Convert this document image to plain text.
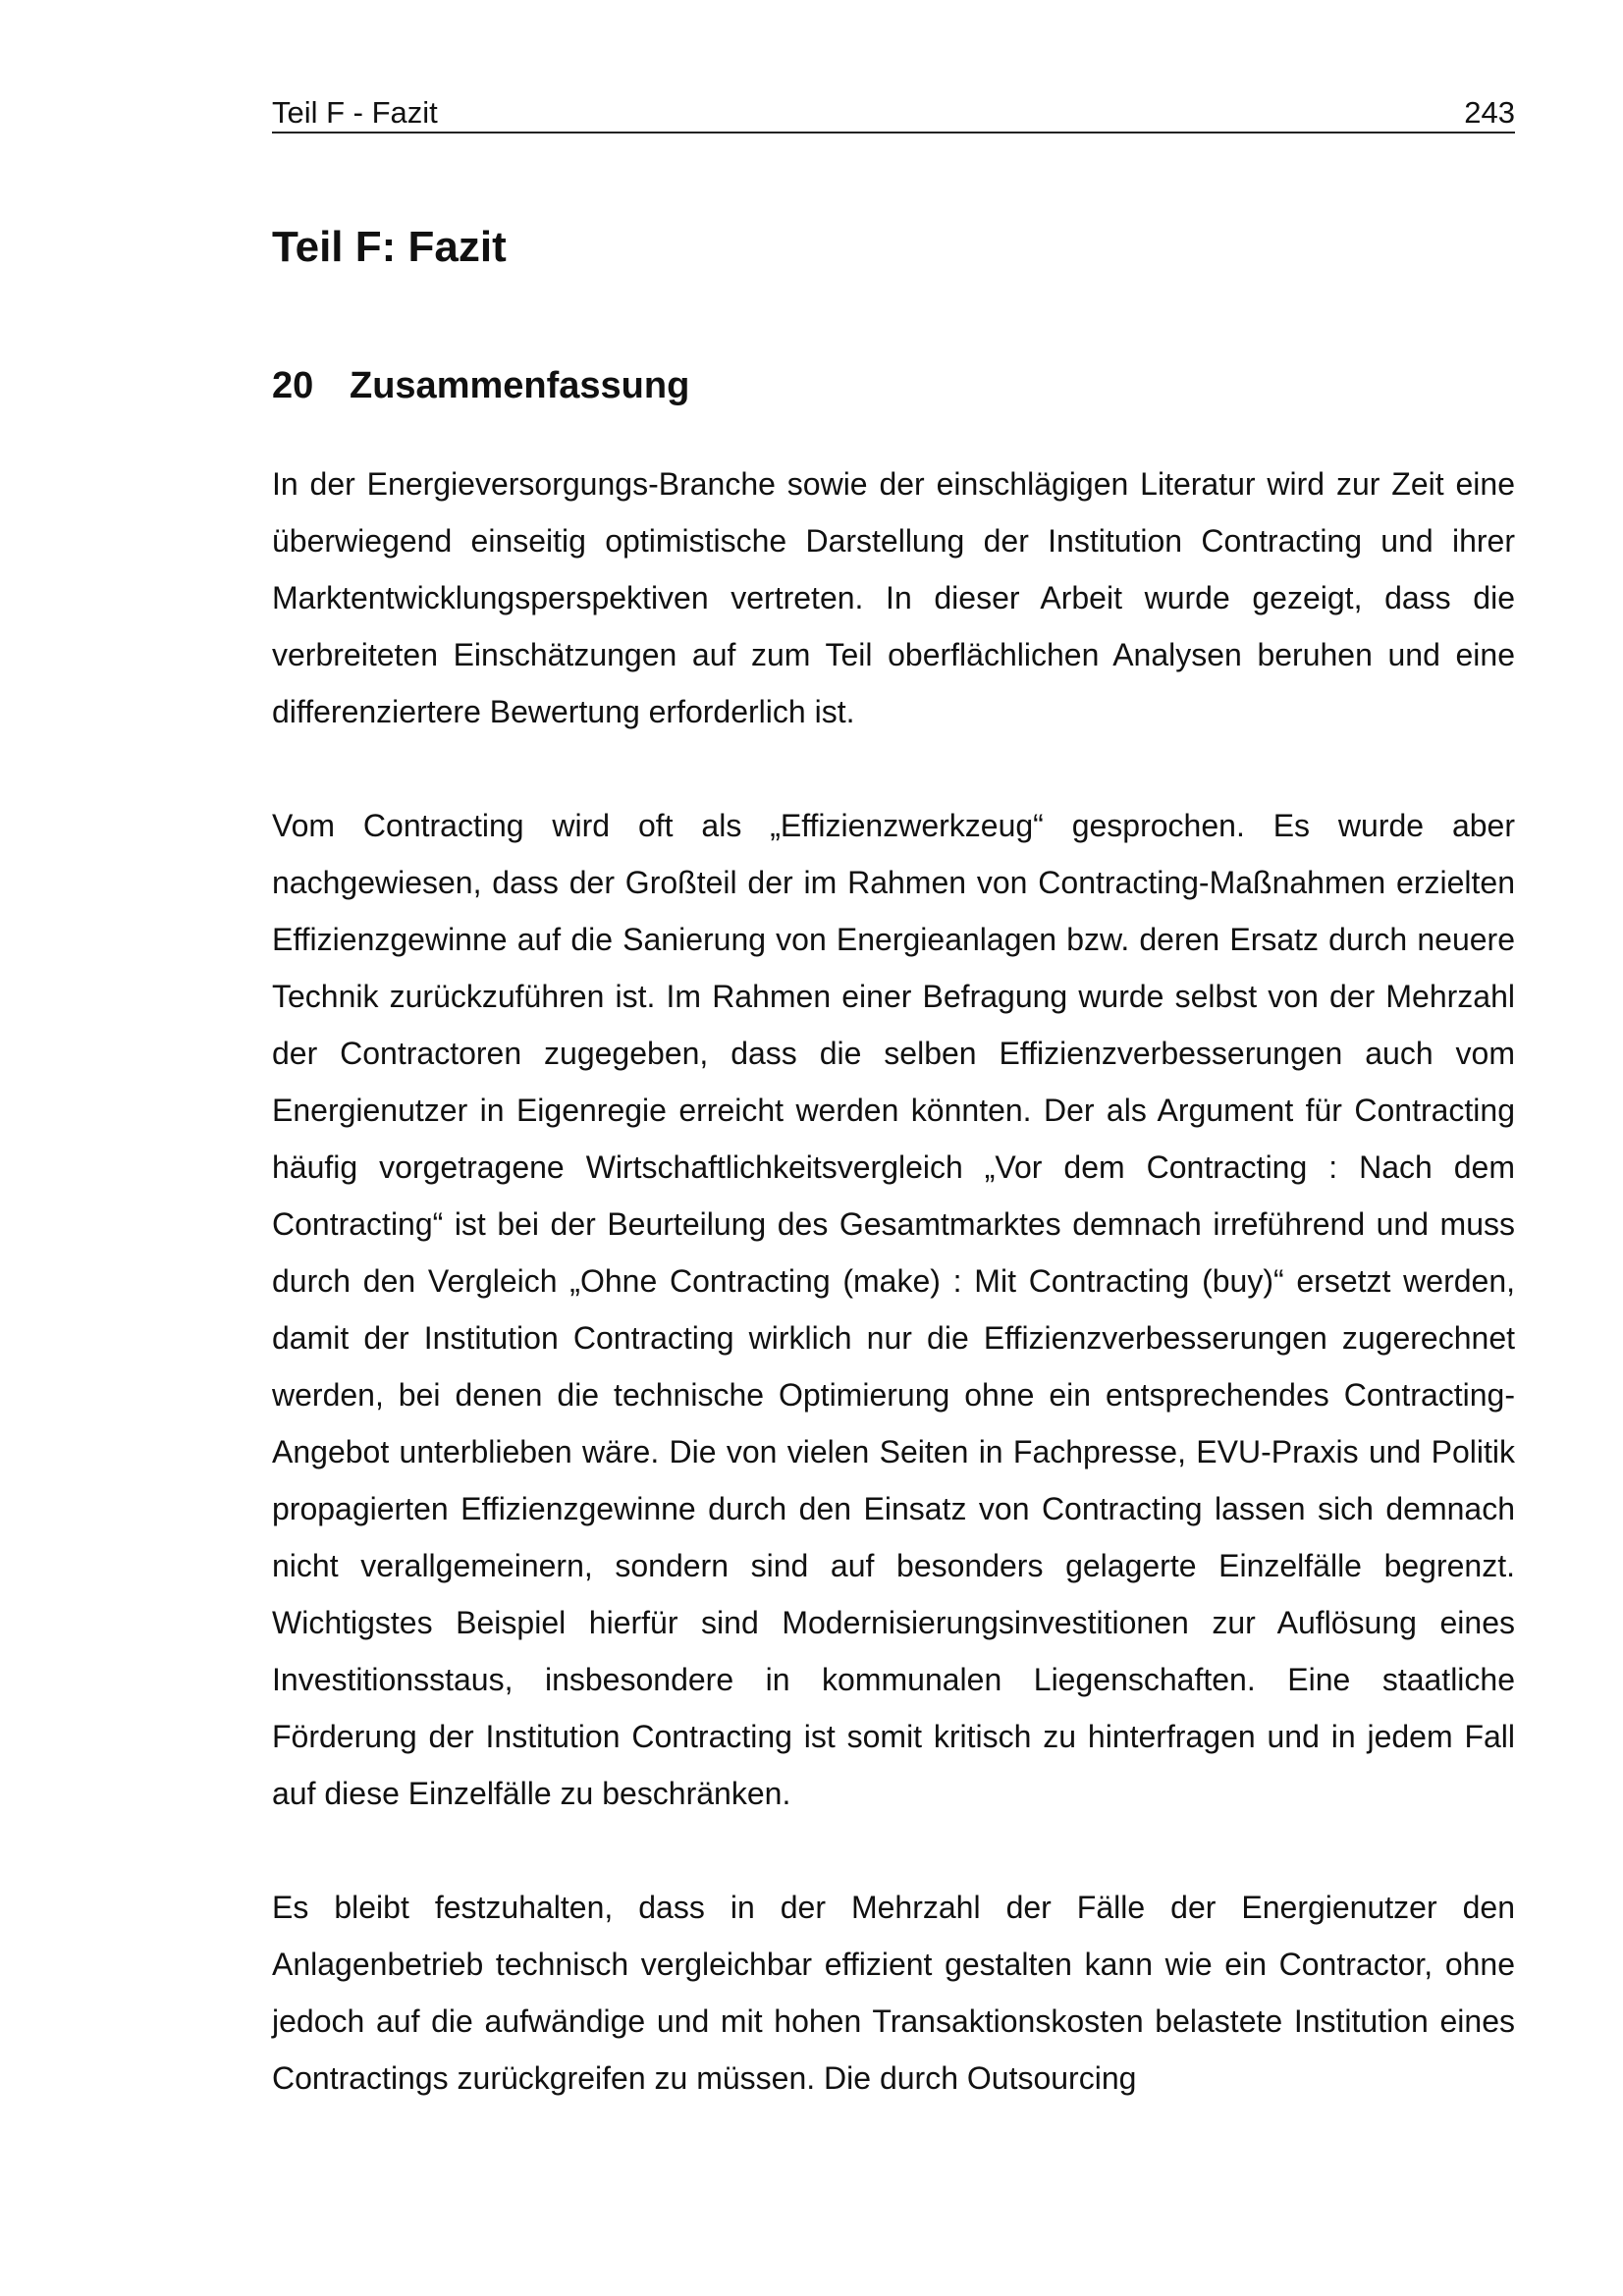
Teil F - Fazit	243
Teil F: Fazit
20 Zusammenfassung

In der Energieversorgungs-Branche sowie der einschlägigen Literatur wird zur Zeit eine überwiegend einseitig optimistische Darstellung der Institution Contracting und ihrer Marktentwicklungsperspektiven vertreten. In dieser Arbeit wurde gezeigt, dass die verbreiteten Einschätzungen auf zum Teil oberflächlichen Analysen beruhen und eine differenziertere Bewertung erforderlich ist.

Vom Contracting wird oft als „Effizienzwerkzeug“ gesprochen. Es wurde aber nachgewiesen, dass der Großteil der im Rahmen von Contracting-Maßnahmen erzielten Effizienzgewinne auf die Sanierung von Energieanlagen bzw. deren Ersatz durch neuere Technik zurückzuführen ist. Im Rahmen einer Befragung wurde selbst von der Mehrzahl der Contractoren zugegeben, dass die selben Effizienzverbesserungen auch vom Energienutzer in Eigenregie erreicht werden könnten. Der als Argument für Contracting häufig vorgetragene Wirtschaftlichkeitsvergleich „Vor dem Contracting : Nach dem Contracting“ ist bei der Beurteilung des Gesamtmarktes demnach irreführend und muss durch den Vergleich „Ohne Contracting (make) : Mit Contracting (buy)“ ersetzt werden, damit der Institution Contracting wirklich nur die Effizienzverbesserungen zugerechnet werden, bei denen die technische Optimierung ohne ein entsprechendes Contracting-Angebot unterblieben wäre. Die von vielen Seiten in Fachpresse, EVU-Praxis und Politik propagierten Effizienzgewinne durch den Einsatz von Contracting lassen sich demnach nicht verallgemeinern, sondern sind auf besonders gelagerte Einzelfälle begrenzt. Wichtigstes Beispiel hierfür sind Modernisierungsinvestitionen zur Auflösung eines Investitionsstaus, insbesondere in kommunalen Liegenschaften. Eine staatliche Förderung der Institution Contracting ist somit kritisch zu hinterfragen und in jedem Fall auf diese Einzelfälle zu beschränken.

Es bleibt festzuhalten, dass in der Mehrzahl der Fälle der Energienutzer den Anlagenbetrieb technisch vergleichbar effizient gestalten kann wie ein Contractor, ohne jedoch auf die aufwändige und mit hohen Transaktionskosten belastete Institution eines Contractings zurückgreifen zu müssen. Die durch Outsourcing
